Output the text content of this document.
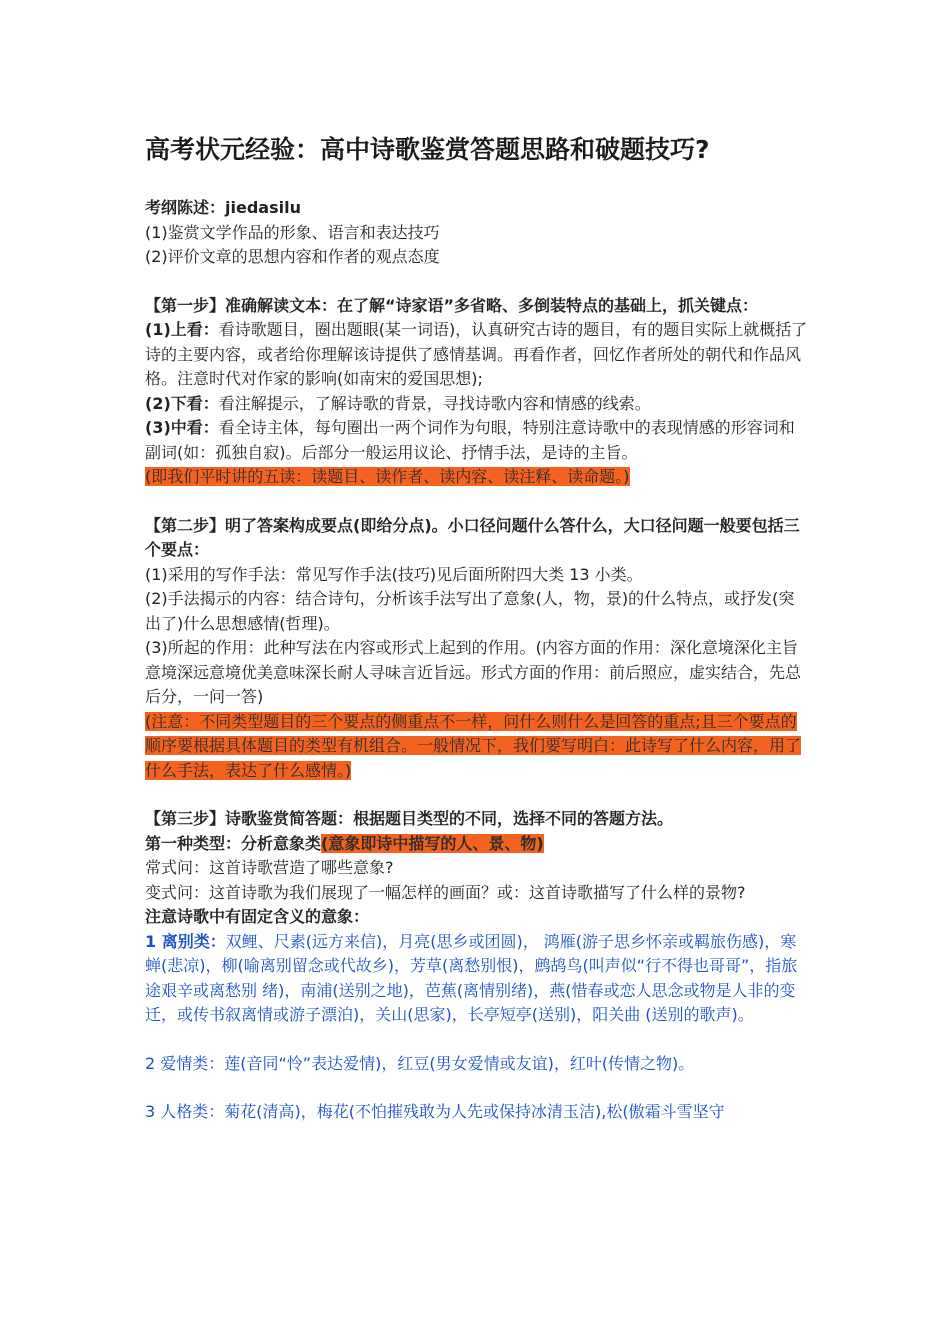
高考状元经验：高中诗歌鉴赏答题思路和破题技巧?

考纲陈述：jiedasilu

(1)鉴赏文学作品的形象、语言和表达技巧

(2)评价文章的思想内容和作者的观点态度

【第一步】准确解读文本：在了解“诗家语”多省略、多倒装特点的基础上，抓关键点：

(1)上看：看诗歌题目，圈出题眼(某一词语)，认真研究古诗的题目，有的题目实际上就概括了诗的主要内容，或者给你理解该诗提供了感情基调。再看作者，回忆作者所处的朝代和作品风格。注意时代对作家的影响(如南宋的爱国思想);

(2)下看：看注解提示，了解诗歌的背景，寻找诗歌内容和情感的线索。

(3)中看：看全诗主体，每句圈出一两个词作为句眼，特别注意诗歌中的表现情感的形容词和副词(如：孤独自寂)。后部分一般运用议论、抒情手法，是诗的主旨。

(即我们平时讲的五读：读题目、读作者、读内容、读注释、读命题。)

【第二步】明了答案构成要点(即给分点)。小口径问题什么答什么，大口径问题一般要包括三个要点：

(1)采用的写作手法：常见写作手法(技巧)见后面所附四大类 13 小类。

(2)手法揭示的内容：结合诗句，分析该手法写出了意象(人，物，景)的什么特点，或抒发(突出了)什么思想感情(哲理)。

(3)所起的作用：此种写法在内容或形式上起到的作用。(内容方面的作用：深化意境深化主旨意境深远意境优美意味深长耐人寻味言近旨远。形式方面的作用：前后照应，虚实结合，先总后分，一问一答)

(注意：不同类型题目的三个要点的侧重点不一样，问什么则什么是回答的重点;且三个要点的顺序要根据具体题目的类型有机组合。一般情况下，我们要写明白：此诗写了什么内容，用了什么手法，表达了什么感情。)

【第三步】诗歌鉴赏简答题：根据题目类型的不同，选择不同的答题方法。

第一种类型：分析意象类(意象即诗中描写的人、景、物)

常式问：这首诗歌营造了哪些意象?

变式问：这首诗歌为我们展现了一幅怎样的画面？或：这首诗歌描写了什么样的景物?

注意诗歌中有固定含义的意象：

1 离别类：双鲤、尺素(远方来信)，月亮(思乡或团圆)， 鸿雁(游子思乡怀亲或羁旅伤感)，寒蝉(悲凉)，柳(喻离别留念或代故乡)，芳草(离愁别恨)，鹧鸪鸟(叫声似“行不得也哥哥”，指旅途艰辛或离愁别 绪)，南浦(送别之地)，芭蕉(离情别绪)，燕(惜春或恋人思念或物是人非的变迁，或传书叙离情或游子漂泊)，关山(思家)，长亭短亭(送别)，阳关曲 (送别的歌声)。

2 爱情类：莲(音同“怜”表达爱情)，红豆(男女爱情或友谊)，红叶(传情之物)。

3 人格类：菊花(清高)，梅花(不怕摧残敢为人先或保持冰清玉洁),松(傲霜斗雪坚守
